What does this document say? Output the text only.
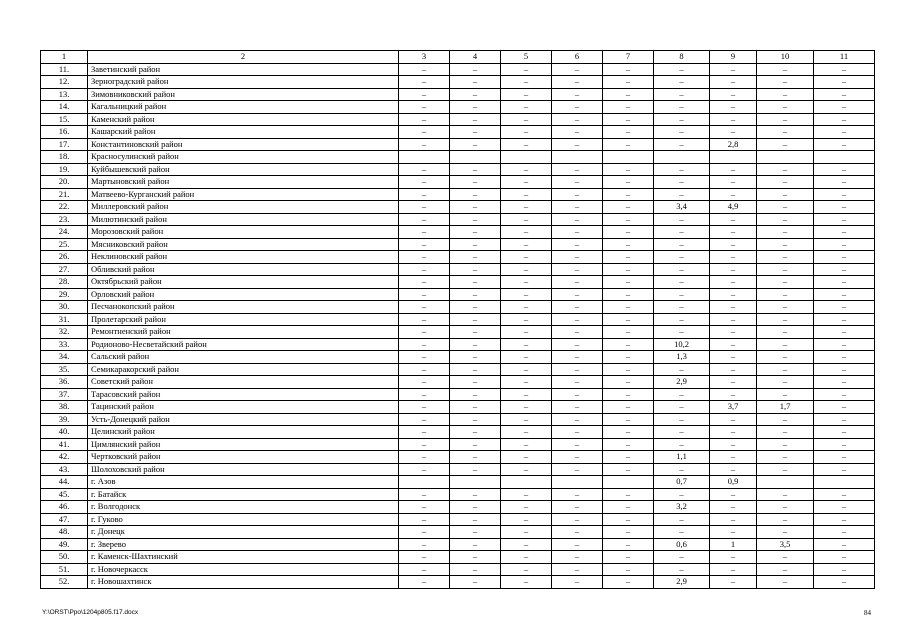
1	2	3	4	5	6	7	8	9	10	11
11.	Заветинский район	–	–	–	–	–	–	–	–	–
12.	Зерноградский район	–	–	–	–	–	–	–	–	–
13.	Зимовниковский район	–	–	–	–	–	–	–	–	–
14.	Кагальницкий район	–	–	–	–	–	–	–	–	–
15.	Каменский район	–	–	–	–	–	–	–	–	–
16.	Кашарский район	–	–	–	–	–	–	–	–	–
17.	Константиновский район	–	–	–	–	–	–	2,8	–	–
18.	Красносулинский район									
19.	Куйбышевский район	–	–	–	–	–	–	–	–	–
20.	Мартыновский район	–	–	–	–	–	–	–	–	–
21.	Матвеево-Курганский район	–	–	–	–	–	–	–	–	–
22.	Миллеровский район	–	–	–	–	–	3,4	4,9	–	–
23.	Милютинский район	–	–	–	–	–	–	–	–	–
24.	Морозовский район	–	–	–	–	–	–	–	–	–
25.	Мясниковский район	–	–	–	–	–	–	–	–	–
26.	Неклиновский район	–	–	–	–	–	–	–	–	–
27.	Обливский район	–	–	–	–	–	–	–	–	–
28.	Октябрьский район	–	–	–	–	–	–	–	–	–
29.	Орловский район	–	–	–	–	–	–	–	–	–
30.	Песчанокопский район	–	–	–	–	–	–	–	–	–
31.	Пролетарский район	–	–	–	–	–	–	–	–	–
32.	Ремонтненский район	–	–	–	–	–	–	–	–	–
33.	Родионово-Несветайский район	–	–	–	–	–	10,2	–	–	–
34.	Сальский район	–	–	–	–	–	1,3	–	–	–
35.	Семикаракорский район	–	–	–	–	–	–	–	–	–
36.	Советский район	–	–	–	–	–	2,9	–	–	–
37.	Тарасовский район	–	–	–	–	–	–	–	–	–
38.	Тацинский район	–	–	–	–	–	–	3,7	1,7	–
39.	Усть-Донецкий район	–	–	–	–	–	–	–	–	–
40.	Целинский район	–	–	–	–	–	–	–	–	–
41.	Цимлянский район	–	–	–	–	–	–	–	–	–
42.	Чертковский район	–	–	–	–	–	1,1	–	–	–
43.	Шолоховский район	–	–	–	–	–	–	–	–	–
44.	г. Азов						0,7	0,9		
45.	г. Батайск	–	–	–	–	–	–	–	–	–
46.	г. Волгодонск	–	–	–	–	–	3,2	–	–	–
47.	г. Гуково	–	–	–	–	–	–	–	–	–
48.	г. Донецк	–	–	–	–	–	–	–	–	–
49.	г. Зверево	–	–	–	–	–	0,6	1	3,5	–
50.	г. Каменск-Шахтинский	–	–	–	–	–	–	–	–	–
51.	г. Новочеркасск	–	–	–	–	–	–	–	–	–
52.	г. Новошахтинск	–	–	–	–	–	2,9	–	–	–
Y:\ORST\Ppo\1204p805.f17.docx	84
